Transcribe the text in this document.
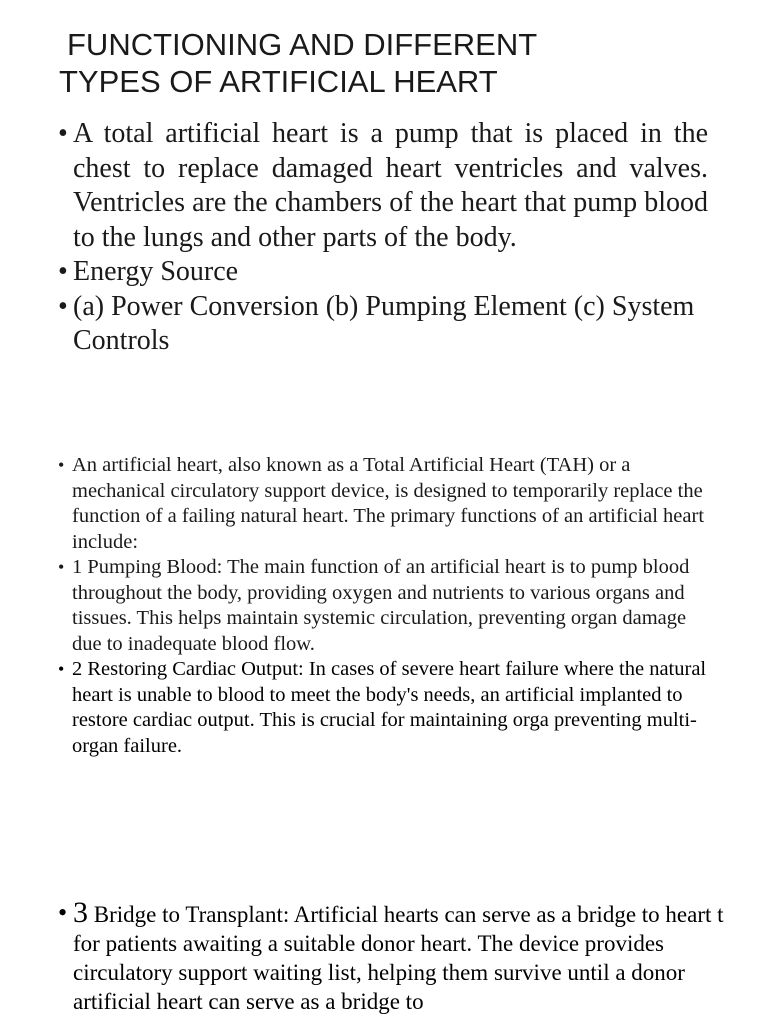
FUNCTIONING AND DIFFERENT
TYPES OF ARTIFICIAL HEART
• A total artificial heart is a pump that is placed in the chest to replace damaged heart ventricles and valves. Ventricles are the chambers of the heart that pump blood to the lungs and other parts of the body.
• Energy Source
• (a) Power Conversion (b) Pumping Element (c) System Controls
• An artificial heart, also known as a Total Artificial Heart (TAH) or a mechanical circulatory support device, is designed to temporarily replace the function of a failing natural heart. The primary functions of an artificial heart include:
• 1 Pumping Blood: The main function of an artificial heart is to pump blood throughout the body, providing oxygen and nutrients to various organs and tissues. This helps maintain systemic circulation, preventing organ damage due to inadequate blood flow.
• 2 Restoring Cardiac Output: In cases of severe heart failure where the natural heart is unable to blood to meet the body's needs, an artificial implanted to restore cardiac output. This is crucial for maintaining orga preventing multi-organ failure.
• 3 Bridge to Transplant: Artificial hearts can serve as a bridge to heart t for patients awaiting a suitable donor heart. The device provides circulatory support waiting list, helping them survive until a donor artificial heart can serve as a bridge to
